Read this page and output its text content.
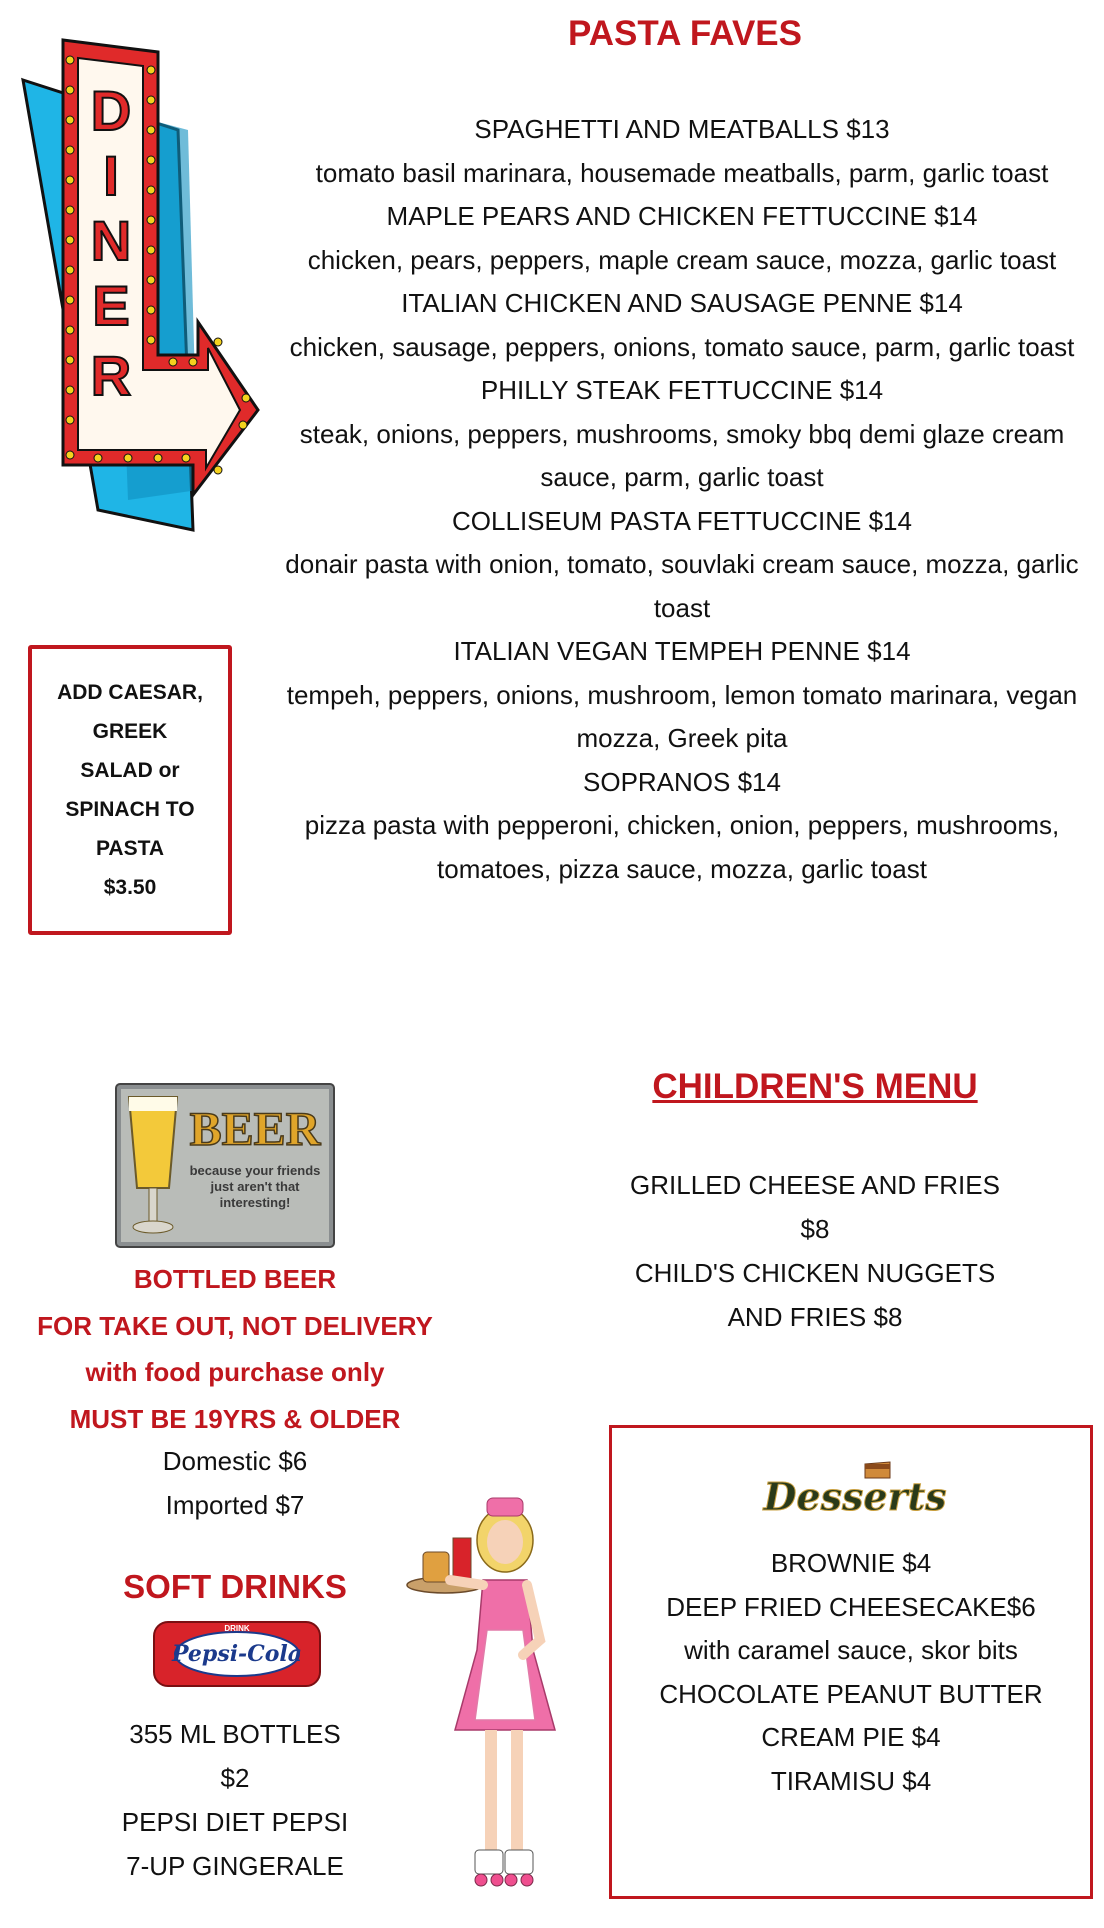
D
I
N
E
R
PASTA FAVES
SPAGHETTI AND MEATBALLS $13
tomato basil marinara, housemade meatballs, parm, garlic toast
MAPLE PEARS AND CHICKEN FETTUCCINE $14
chicken, pears, peppers, maple cream sauce, mozza, garlic toast
ITALIAN CHICKEN AND SAUSAGE PENNE $14
chicken, sausage, peppers, onions, tomato sauce, parm, garlic toast
PHILLY STEAK FETTUCCINE $14
steak, onions, peppers, mushrooms, smoky bbq demi glaze cream sauce, parm, garlic toast
COLLISEUM PASTA FETTUCCINE $14
donair pasta with onion, tomato, souvlaki cream sauce, mozza, garlic toast
ITALIAN VEGAN TEMPEH PENNE $14
tempeh, peppers, onions, mushroom, lemon tomato marinara, vegan mozza, Greek pita
SOPRANOS $14
pizza pasta with pepperoni, chicken, onion, peppers, mushrooms, tomatoes, pizza sauce, mozza, garlic toast
ADD CAESAR,
GREEK
SALAD or
SPINACH TO
PASTA
$3.50
CHILDREN'S MENU
GRILLED CHEESE AND FRIES
$8
CHILD'S CHICKEN NUGGETS
AND FRIES $8
BEER
because your friends
just aren't that
interesting!
BOTTLED BEER
FOR TAKE OUT, NOT DELIVERY
with food purchase only
MUST BE 19YRS & OLDER
Domestic $6
Imported $7
SOFT DRINKS
Pepsi-Cola
DRINK
355 ML BOTTLES
$2
PEPSI DIET PEPSI
7-UP GINGERALE
Desserts
BROWNIE $4
DEEP FRIED CHEESECAKE$6
with caramel sauce, skor bits
CHOCOLATE PEANUT BUTTER
CREAM PIE $4
TIRAMISU $4
